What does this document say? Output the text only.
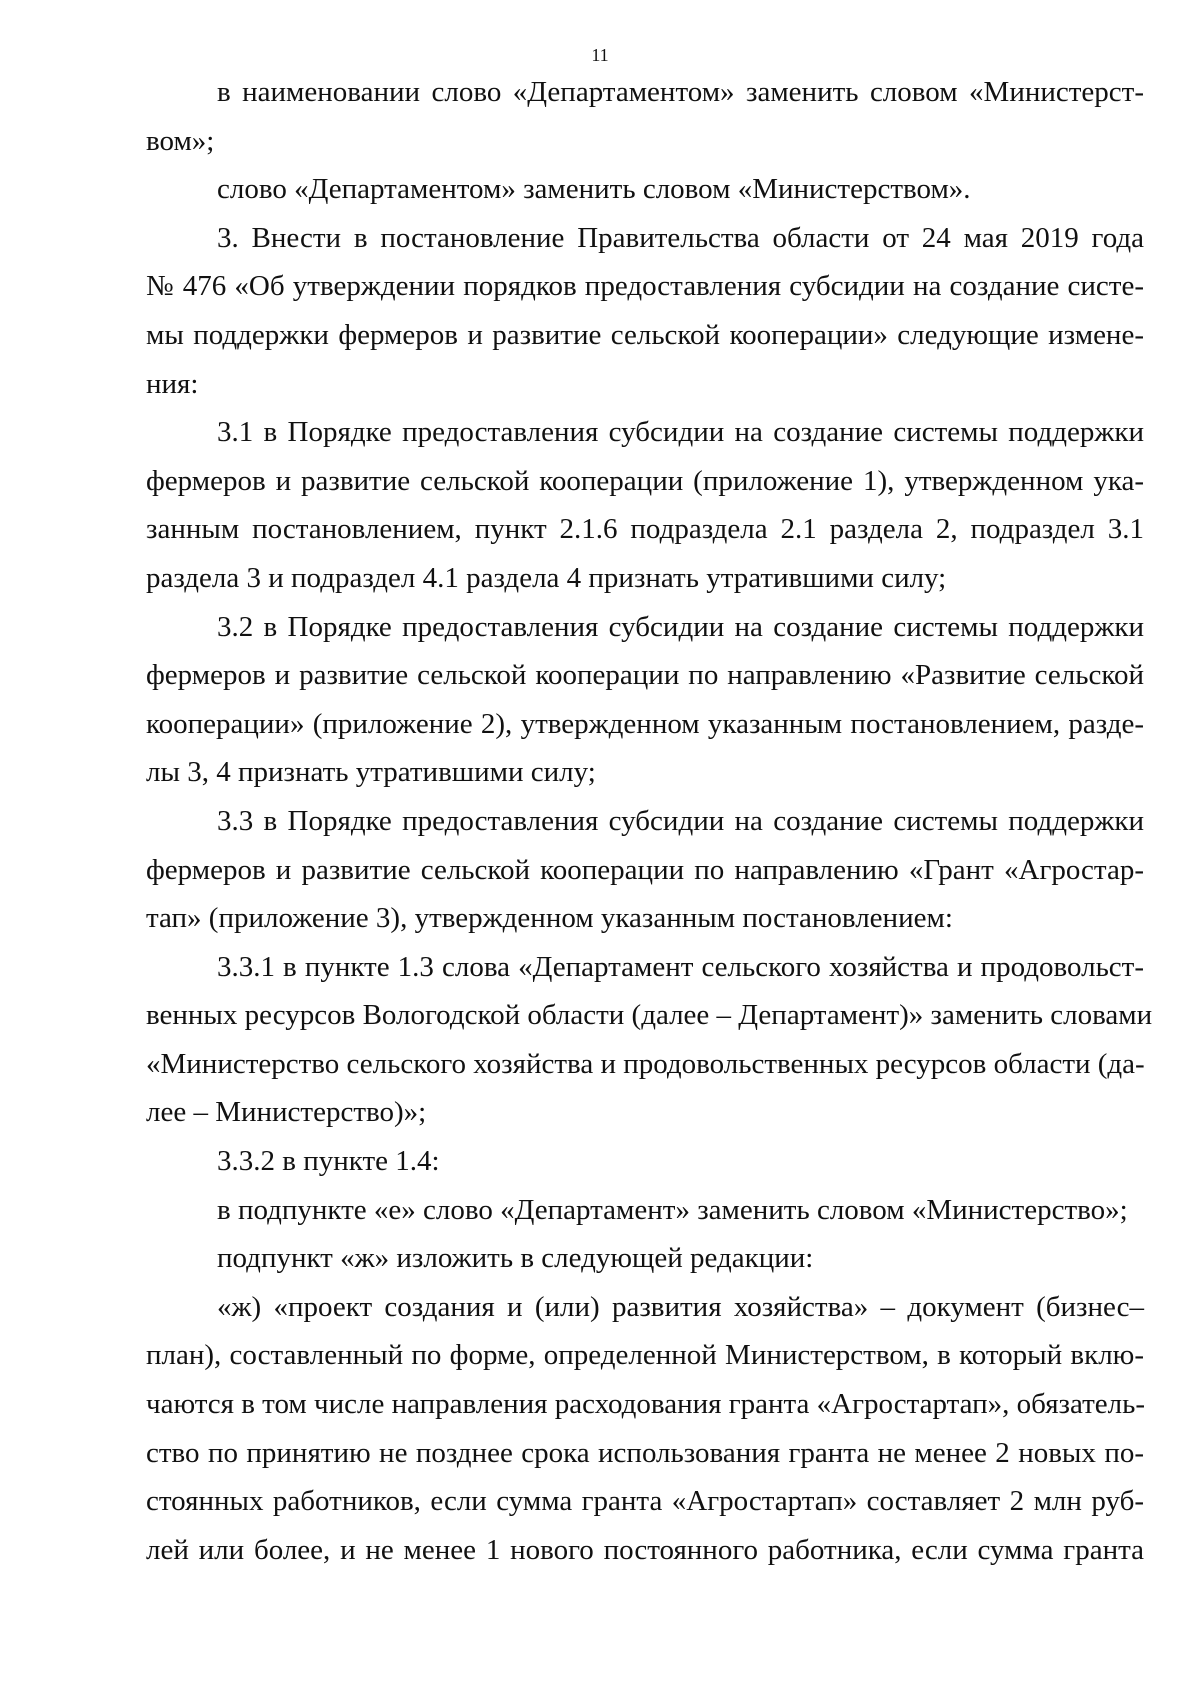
11
в наименовании слово «Департаментом» заменить словом «Министерст-
вом»;
слово «Департаментом» заменить словом «Министерством».
3. Внести в постановление Правительства области от 24 мая 2019 года
№ 476 «Об утверждении порядков предоставления субсидии на создание систе-
мы поддержки фермеров и развитие сельской кооперации» следующие измене-
ния:
3.1 в Порядке предоставления субсидии на создание системы поддержки
фермеров и развитие сельской кооперации (приложение 1), утвержденном ука-
занным постановлением, пункт 2.1.6 подраздела 2.1 раздела 2, подраздел 3.1
раздела 3 и подраздел 4.1 раздела 4 признать утратившими силу;
3.2 в Порядке предоставления субсидии на создание системы поддержки
фермеров и развитие сельской кооперации по направлению «Развитие сельской
кооперации» (приложение 2), утвержденном указанным постановлением, разде-
лы 3, 4 признать утратившими силу;
3.3 в Порядке предоставления субсидии на создание системы поддержки
фермеров и развитие сельской кооперации по направлению «Грант «Агростар-
тап» (приложение 3), утвержденном указанным постановлением:
3.3.1 в пункте 1.3 слова «Департамент сельского хозяйства и продовольст-
венных ресурсов Вологодской области (далее – Департамент)» заменить словами
«Министерство сельского хозяйства и продовольственных ресурсов области (да-
лее – Министерство)»;
3.3.2 в пункте 1.4:
в подпункте «е» слово «Департамент» заменить словом «Министерство»;
подпункт «ж» изложить в следующей редакции:
«ж) «проект создания и (или) развития хозяйства» – документ (бизнес–
план), составленный по форме, определенной Министерством, в который вклю-
чаются в том числе направления расходования гранта «Агростартап», обязатель-
ство по принятию не позднее срока использования гранта не менее 2 новых по-
стоянных работников, если сумма гранта «Агростартап» составляет 2 млн руб-
лей или более, и не менее 1 нового постоянного работника, если сумма гранта
